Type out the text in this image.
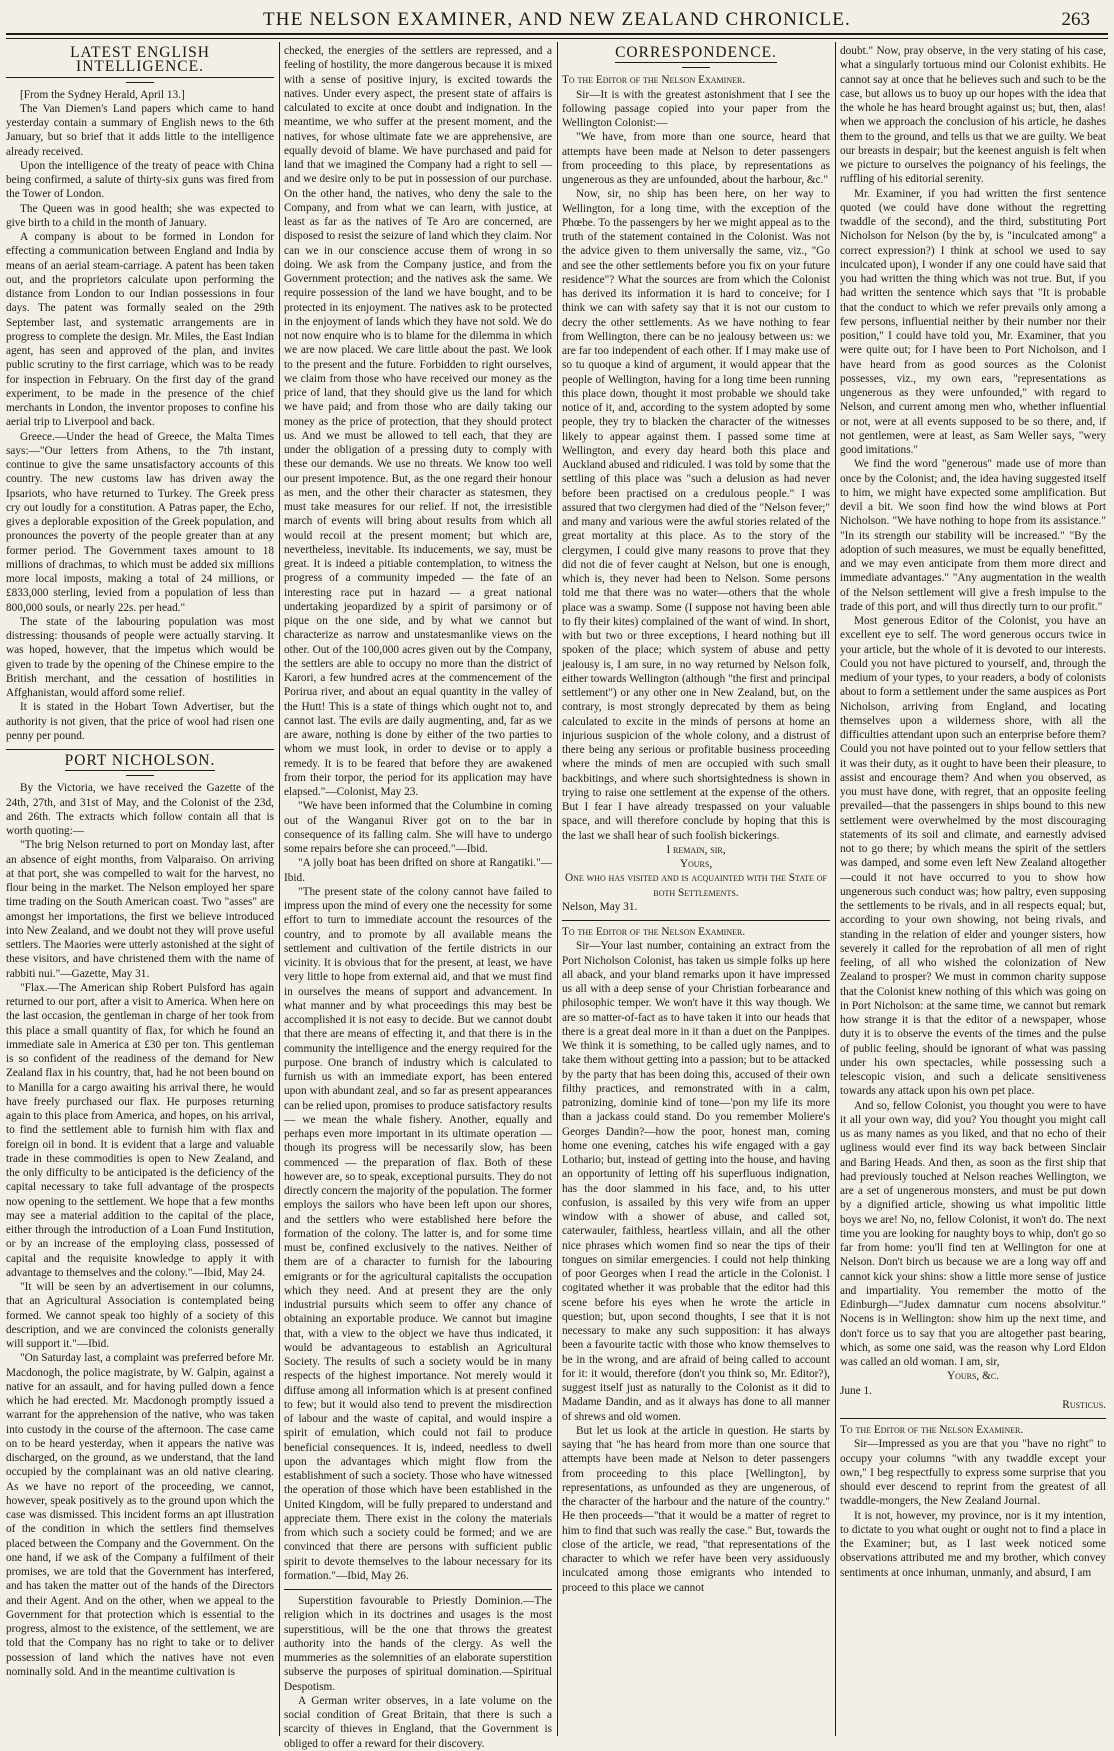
THE NELSON EXAMINER, AND NEW ZEALAND CHRONICLE.	263
LATEST ENGLISH INTELLIGENCE.

[From the Sydney Herald, April 13.]

The Van Diemen's Land papers which came to hand yesterday contain a summary of English news to the 6th January, but so brief that it adds little to the intelligence already received.

Upon the intelligence of the treaty of peace with China being confirmed, a salute of thirty-six guns was fired from the Tower of London.

The Queen was in good health; she was expected to give birth to a child in the month of January.

A company is about to be formed in London for effecting a communication between England and India by means of an aerial steam-carriage. A patent has been taken out, and the proprietors calculate upon performing the distance from London to our Indian possessions in four days. The patent was formally sealed on the 29th September last, and systematic arrangements are in progress to complete the design. Mr. Miles, the East Indian agent, has seen and approved of the plan, and invites public scrutiny to the first carriage, which was to be ready for inspection in February. On the first day of the grand experiment, to be made in the presence of the chief merchants in London, the inventor proposes to confine his aerial trip to Liverpool and back.

Greece.—Under the head of Greece, the Malta Times says:—"Our letters from Athens, to the 7th instant, continue to give the same unsatisfactory accounts of this country. The new customs law has driven away the Ipsariots, who have returned to Turkey. The Greek press cry out loudly for a constitution. A Patras paper, the Echo, gives a deplorable exposition of the Greek population, and pronounces the poverty of the people greater than at any former period. The Government taxes amount to 18 millions of drachmas, to which must be added six millions more local imposts, making a total of 24 millions, or £833,000 sterling, levied from a population of less than 800,000 souls, or nearly 22s. per head."

The state of the labouring population was most distressing: thousands of people were actually starving. It was hoped, however, that the impetus which would be given to trade by the opening of the Chinese empire to the British merchant, and the cessation of hostilities in Affghanistan, would afford some relief.

It is stated in the Hobart Town Advertiser, but the authority is not given, that the price of wool had risen one penny per pound.

PORT NICHOLSON.

By the Victoria, we have received the Gazette of the 24th, 27th, and 31st of May, and the Colonist of the 23d, and 26th. The extracts which follow contain all that is worth quoting:—

"The brig Nelson returned to port on Monday last, after an absence of eight months, from Valparaiso. On arriving at that port, she was compelled to wait for the harvest, no flour being in the market. The Nelson employed her spare time trading on the South American coast. Two "asses" are amongst her importations, the first we believe introduced into New Zealand, and we doubt not they will prove useful settlers. The Maories were utterly astonished at the sight of these visitors, and have christened them with the name of rabbiti nui."—Gazette, May 31.

"Flax.—The American ship Robert Pulsford has again returned to our port, after a visit to America. When here on the last occasion, the gentleman in charge of her took from this place a small quantity of flax, for which he found an immediate sale in America at £30 per ton. This gentleman is so confident of the readiness of the demand for New Zealand flax in his country, that, had he not been bound on to Manilla for a cargo awaiting his arrival there, he would have freely purchased our flax. He purposes returning again to this place from America, and hopes, on his arrival, to find the settlement able to furnish him with flax and foreign oil in bond. It is evident that a large and valuable trade in these commodities is open to New Zealand, and the only difficulty to be anticipated is the deficiency of the capital necessary to take full advantage of the prospects now opening to the settlement. We hope that a few months may see a material addition to the capital of the place, either through the introduction of a Loan Fund Institution, or by an increase of the employing class, possessed of capital and the requisite knowledge to apply it with advantage to themselves and the colony."—Ibid, May 24.

"It will be seen by an advertisement in our columns, that an Agricultural Association is contemplated being formed. We cannot speak too highly of a society of this description, and we are convinced the colonists generally will support it."—Ibid.

"On Saturday last, a complaint was preferred before Mr. Macdonogh, the police magistrate, by W. Galpin, against a native for an assault, and for having pulled down a fence which he had erected. Mr. Macdonogh promptly issued a warrant for the apprehension of the native, who was taken into custody in the course of the afternoon. The case came on to be heard yesterday, when it appears the native was discharged, on the ground, as we understand, that the land occupied by the complainant was an old native clearing. As we have no report of the proceeding, we cannot, however, speak positively as to the ground upon which the case was dismissed. This incident forms an apt illustration of the condition in which the settlers find themselves placed between the Company and the Government. On the one hand, if we ask of the Company a fulfilment of their promises, we are told that the Government has interfered, and has taken the matter out of the hands of the Directors and their Agent. And on the other, when we appeal to the Government for that protection which is essential to the progress, almost to the existence, of the settlement, we are told that the Company has no right to take or to deliver possession of land which the natives have not even nominally sold. And in the meantime cultivation is

checked, the energies of the settlers are repressed, and a feeling of hostility, the more dangerous because it is mixed with a sense of positive injury, is excited towards the natives. Under every aspect, the present state of affairs is calculated to excite at once doubt and indignation. In the meantime, we who suffer at the present moment, and the natives, for whose ultimate fate we are apprehensive, are equally devoid of blame. We have purchased and paid for land that we imagined the Company had a right to sell — and we desire only to be put in possession of our purchase. On the other hand, the natives, who deny the sale to the Company, and from what we can learn, with justice, at least as far as the natives of Te Aro are concerned, are disposed to resist the seizure of land which they claim. Nor can we in our conscience accuse them of wrong in so doing. We ask from the Company justice, and from the Government protection; and the natives ask the same. We require possession of the land we have bought, and to be protected in its enjoyment. The natives ask to be protected in the enjoyment of lands which they have not sold. We do not now enquire who is to blame for the dilemma in which we are now placed. We care little about the past. We look to the present and the future. Forbidden to right ourselves, we claim from those who have received our money as the price of land, that they should give us the land for which we have paid; and from those who are daily taking our money as the price of protection, that they should protect us. And we must be allowed to tell each, that they are under the obligation of a pressing duty to comply with these our demands. We use no threats. We know too well our present impotence. But, as the one regard their honour as men, and the other their character as statesmen, they must take measures for our relief. If not, the irresistible march of events will bring about results from which all would recoil at the present moment; but which are, nevertheless, inevitable. Its inducements, we say, must be great. It is indeed a pitiable contemplation, to witness the progress of a community impeded — the fate of an interesting race put in hazard — a great national undertaking jeopardized by a spirit of parsimony or of pique on the one side, and by what we cannot but characterize as narrow and unstatesmanlike views on the other. Out of the 100,000 acres given out by the Company, the settlers are able to occupy no more than the district of Karori, a few hundred acres at the commencement of the Porirua river, and about an equal quantity in the valley of the Hutt! This is a state of things which ought not to, and cannot last. The evils are daily augmenting, and, far as we are aware, nothing is done by either of the two parties to whom we must look, in order to devise or to apply a remedy. It is to be feared that before they are awakened from their torpor, the period for its application may have elapsed."—Colonist, May 23.

"We have been informed that the Columbine in coming out of the Wanganui River got on to the bar in consequence of its falling calm. She will have to undergo some repairs before she can proceed."—Ibid.

"A jolly boat has been drifted on shore at Rangatiki."—Ibid.

"The present state of the colony cannot have failed to impress upon the mind of every one the necessity for some effort to turn to immediate account the resources of the country, and to promote by all available means the settlement and cultivation of the fertile districts in our vicinity. It is obvious that for the present, at least, we have very little to hope from external aid, and that we must find in ourselves the means of support and advancement. In what manner and by what proceedings this may best be accomplished it is not easy to decide. But we cannot doubt that there are means of effecting it, and that there is in the community the intelligence and the energy required for the purpose. One branch of industry which is calculated to furnish us with an immediate export, has been entered upon with abundant zeal, and so far as present appearances can be relied upon, promises to produce satisfactory results — we mean the whale fishery. Another, equally and perhaps even more important in its ultimate operation — though its progress will be necessarily slow, has been commenced — the preparation of flax. Both of these however are, so to speak, exceptional pursuits. They do not directly concern the majority of the population. The former employs the sailors who have been left upon our shores, and the settlers who were established here before the formation of the colony. The latter is, and for some time must be, confined exclusively to the natives. Neither of them are of a character to furnish for the labouring emigrants or for the agricultural capitalists the occupation which they need. And at present they are the only industrial pursuits which seem to offer any chance of obtaining an exportable produce. We cannot but imagine that, with a view to the object we have thus indicated, it would be advantageous to establish an Agricultural Society. The results of such a society would be in many respects of the highest importance. Not merely would it diffuse among all information which is at present confined to few; but it would also tend to prevent the misdirection of labour and the waste of capital, and would inspire a spirit of emulation, which could not fail to produce beneficial consequences. It is, indeed, needless to dwell upon the advantages which might flow from the establishment of such a society. Those who have witnessed the operation of those which have been established in the United Kingdom, will be fully prepared to understand and appreciate them. There exist in the colony the materials from which such a society could be formed; and we are convinced that there are persons with sufficient public spirit to devote themselves to the labour necessary for its formation."—Ibid, May 26.

Superstition favourable to Priestly Dominion.—The religion which in its doctrines and usages is the most superstitious, will be the one that throws the greatest authority into the hands of the clergy. As well the mummeries as the solemnities of an elaborate superstition subserve the purposes of spiritual domination.—Spiritual Despotism.

A German writer observes, in a late volume on the social condition of Great Britain, that there is such a scarcity of thieves in England, that the Government is obliged to offer a reward for their discovery.

CORRESPONDENCE.

To the Editor of the Nelson Examiner.

Sir—It is with the greatest astonishment that I see the following passage copied into your paper from the Wellington Colonist:—

"We have, from more than one source, heard that attempts have been made at Nelson to deter passengers from proceeding to this place, by representations as ungenerous as they are unfounded, about the harbour, &c."

Now, sir, no ship has been here, on her way to Wellington, for a long time, with the exception of the Phœbe. To the passengers by her we might appeal as to the truth of the statement contained in the Colonist. Was not the advice given to them universally the same, viz., "Go and see the other settlements before you fix on your future residence"? What the sources are from which the Colonist has derived its information it is hard to conceive; for I think we can with safety say that it is not our custom to decry the other settlements. As we have nothing to fear from Wellington, there can be no jealousy between us: we are far too independent of each other. If I may make use of so tu quoque a kind of argument, it would appear that the people of Wellington, having for a long time been running this place down, thought it most probable we should take notice of it, and, according to the system adopted by some people, they try to blacken the character of the witnesses likely to appear against them. I passed some time at Wellington, and every day heard both this place and Auckland abused and ridiculed. I was told by some that the settling of this place was "such a delusion as had never before been practised on a credulous people." I was assured that two clergymen had died of the "Nelson fever;" and many and various were the awful stories related of the great mortality at this place. As to the story of the clergymen, I could give many reasons to prove that they did not die of fever caught at Nelson, but one is enough, which is, they never had been to Nelson. Some persons told me that there was no water—others that the whole place was a swamp. Some (I suppose not having been able to fly their kites) complained of the want of wind. In short, with but two or three exceptions, I heard nothing but ill spoken of the place; which system of abuse and petty jealousy is, I am sure, in no way returned by Nelson folk, either towards Wellington (although "the first and principal settlement") or any other one in New Zealand, but, on the contrary, is most strongly deprecated by them as being calculated to excite in the minds of persons at home an injurious suspicion of the whole colony, and a distrust of there being any serious or profitable business proceeding where the minds of men are occupied with such small backbitings, and where such shortsightedness is shown in trying to raise one settlement at the expense of the others. But I fear I have already trespassed on your valuable space, and will therefore conclude by hoping that this is the last we shall hear of such foolish bickerings.

I remain, sir,

Yours,

One who has visited and is acquainted with the State of both Settlements.

Nelson, May 31.

To the Editor of the Nelson Examiner.

Sir—Your last number, containing an extract from the Port Nicholson Colonist, has taken us simple folks up here all aback, and your bland remarks upon it have impressed us all with a deep sense of your Christian forbearance and philosophic temper. We won't have it this way though. We are so matter-of-fact as to have taken it into our heads that there is a great deal more in it than a duet on the Panpipes. We think it is something, to be called ugly names, and to take them without getting into a passion; but to be attacked by the party that has been doing this, accused of their own filthy practices, and remonstrated with in a calm, patronizing, dominie kind of tone—'pon my life its more than a jackass could stand. Do you remember Moliere's Georges Dandin?—how the poor, honest man, coming home one evening, catches his wife engaged with a gay Lothario; but, instead of getting into the house, and having an opportunity of letting off his superfluous indignation, has the door slammed in his face, and, to his utter confusion, is assailed by this very wife from an upper window with a shower of abuse, and called sot, caterwauler, faithless, heartless villain, and all the other nice phrases which women find so near the tips of their tongues on similar emergencies. I could not help thinking of poor Georges when I read the article in the Colonist. I cogitated whether it was probable that the editor had this scene before his eyes when he wrote the article in question; but, upon second thoughts, I see that it is not necessary to make any such supposition: it has always been a favourite tactic with those who know themselves to be in the wrong, and are afraid of being called to account for it: it would, therefore (don't you think so, Mr. Editor?), suggest itself just as naturally to the Colonist as it did to Madame Dandin, and as it always has done to all manner of shrews and old women.

But let us look at the article in question. He starts by saying that "he has heard from more than one source that attempts have been made at Nelson to deter passengers from proceeding to this place [Wellington], by representations, as unfounded as they are ungenerous, of the character of the harbour and the nature of the country." He then proceeds—"that it would be a matter of regret to him to find that such was really the case." But, towards the close of the article, we read, "that representations of the character to which we refer have been very assiduously inculcated among those emigrants who intended to proceed to this place we cannot

doubt." Now, pray observe, in the very stating of his case, what a singularly tortuous mind our Colonist exhibits. He cannot say at once that he believes such and such to be the case, but allows us to buoy up our hopes with the idea that the whole he has heard brought against us; but, then, alas! when we approach the conclusion of his article, he dashes them to the ground, and tells us that we are guilty. We beat our breasts in despair; but the keenest anguish is felt when we picture to ourselves the poignancy of his feelings, the ruffling of his editorial serenity.

Mr. Examiner, if you had written the first sentence quoted (we could have done without the regretting twaddle of the second), and the third, substituting Port Nicholson for Nelson (by the by, is "inculcated among" a correct expression?) I think at school we used to say inculcated upon), I wonder if any one could have said that you had written the thing which was not true. But, if you had written the sentence which says that "It is probable that the conduct to which we refer prevails only among a few persons, influential neither by their number nor their position," I could have told you, Mr. Examiner, that you were quite out; for I have been to Port Nicholson, and I have heard from as good sources as the Colonist possesses, viz., my own ears, "representations as ungenerous as they were unfounded," with regard to Nelson, and current among men who, whether influential or not, were at all events supposed to be so there, and, if not gentlemen, were at least, as Sam Weller says, "wery good imitations."

We find the word "generous" made use of more than once by the Colonist; and, the idea having suggested itself to him, we might have expected some amplification. But devil a bit. We soon find how the wind blows at Port Nicholson. "We have nothing to hope from its assistance." "In its strength our stability will be increased." "By the adoption of such measures, we must be equally benefitted, and we may even anticipate from them more direct and immediate advantages." "Any augmentation in the wealth of the Nelson settlement will give a fresh impulse to the trade of this port, and will thus directly turn to our profit."

Most generous Editor of the Colonist, you have an excellent eye to self. The word generous occurs twice in your article, but the whole of it is devoted to our interests. Could you not have pictured to yourself, and, through the medium of your types, to your readers, a body of colonists about to form a settlement under the same auspices as Port Nicholson, arriving from England, and locating themselves upon a wilderness shore, with all the difficulties attendant upon such an enterprise before them? Could you not have pointed out to your fellow settlers that it was their duty, as it ought to have been their pleasure, to assist and encourage them? And when you observed, as you must have done, with regret, that an opposite feeling prevailed—that the passengers in ships bound to this new settlement were overwhelmed by the most discouraging statements of its soil and climate, and earnestly advised not to go there; by which means the spirit of the settlers was damped, and some even left New Zealand altogether—could it not have occurred to you to show how ungenerous such conduct was; how paltry, even supposing the settlements to be rivals, and in all respects equal; but, according to your own showing, not being rivals, and standing in the relation of elder and younger sisters, how severely it called for the reprobation of all men of right feeling, of all who wished the colonization of New Zealand to prosper? We must in common charity suppose that the Colonist knew nothing of this which was going on in Port Nicholson: at the same time, we cannot but remark how strange it is that the editor of a newspaper, whose duty it is to observe the events of the times and the pulse of public feeling, should be ignorant of what was passing under his own spectacles, while possessing such a telescopic vision, and such a delicate sensitiveness towards any attack upon his own pet place.

And so, fellow Colonist, you thought you were to have it all your own way, did you? You thought you might call us as many names as you liked, and that no echo of their ugliness would ever find its way back between Sinclair and Baring Heads. And then, as soon as the first ship that had previously touched at Nelson reaches Wellington, we are a set of ungenerous monsters, and must be put down by a dignified article, showing us what impolitic little boys we are! No, no, fellow Colonist, it won't do. The next time you are looking for naughty boys to whip, don't go so far from home: you'll find ten at Wellington for one at Nelson. Don't birch us because we are a long way off and cannot kick your shins: show a little more sense of justice and impartiality. You remember the motto of the Edinburgh—"Judex damnatur cum nocens absolvitur." Nocens is in Wellington: show him up the next time, and don't force us to say that you are altogether past bearing, which, as some one said, was the reason why Lord Eldon was called an old woman. I am, sir,

Yours, &c.

June 1.

Rusticus.

To the Editor of the Nelson Examiner.

Sir—Impressed as you are that you "have no right" to occupy your columns "with any twaddle except your own," I beg respectfully to express some surprise that you should ever descend to reprint from the greatest of all twaddle-mongers, the New Zealand Journal.

It is not, however, my province, nor is it my intention, to dictate to you what ought or ought not to find a place in the Examiner; but, as I last week noticed some observations attributed me and my brother, which convey sentiments at once inhuman, unmanly, and absurd, I am
